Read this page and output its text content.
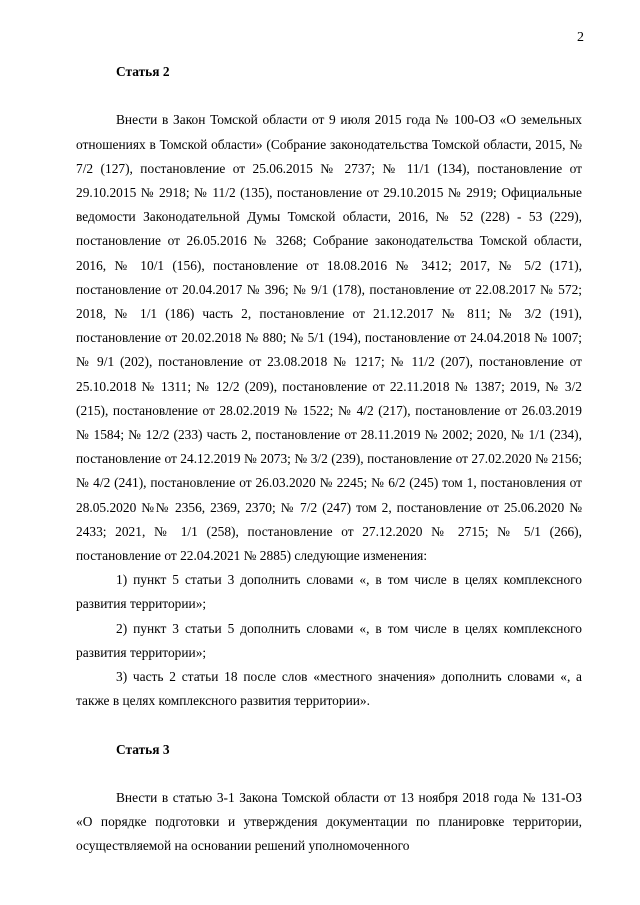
2

Статья 2

Внести в Закон Томской области от 9 июля 2015 года № 100-ОЗ «О земельных отношениях в Томской области» (Собрание законодательства Томской области, 2015, № 7/2 (127), постановление от 25.06.2015 № 2737; № 11/1 (134), постановление от 29.10.2015 № 2918; № 11/2 (135), постановление от 29.10.2015 № 2919; Официальные ведомости Законодательной Думы Томской области, 2016, № 52 (228) - 53 (229), постановление от 26.05.2016 № 3268; Собрание законодательства Томской области, 2016, № 10/1 (156), постановление от 18.08.2016 № 3412; 2017, № 5/2 (171), постановление от 20.04.2017 № 396; № 9/1 (178), постановление от 22.08.2017 № 572; 2018, № 1/1 (186) часть 2, постановление от 21.12.2017 № 811; № 3/2 (191), постановление от 20.02.2018 № 880; № 5/1 (194), постановление от 24.04.2018 № 1007; № 9/1 (202), постановление от 23.08.2018 № 1217; № 11/2 (207), постановление от 25.10.2018 № 1311; № 12/2 (209), постановление от 22.11.2018 № 1387; 2019, № 3/2 (215), постановление от 28.02.2019 № 1522; № 4/2 (217), постановление от 26.03.2019 № 1584; № 12/2 (233) часть 2, постановление от 28.11.2019 № 2002; 2020, № 1/1 (234), постановление от 24.12.2019 № 2073; № 3/2 (239), постановление от 27.02.2020 № 2156; № 4/2 (241), постановление от 26.03.2020 № 2245; № 6/2 (245) том 1, постановления от 28.05.2020 №№ 2356, 2369, 2370; № 7/2 (247) том 2, постановление от 25.06.2020 № 2433; 2021, № 1/1 (258), постановление от 27.12.2020 № 2715; № 5/1 (266), постановление от 22.04.2021 № 2885) следующие изменения:

1) пункт 5 статьи 3 дополнить словами «, в том числе в целях комплексного развития территории»;

2) пункт 3 статьи 5 дополнить словами «, в том числе в целях комплексного развития территории»;

3) часть 2 статьи 18 после слов «местного значения» дополнить словами «, а также в целях комплексного развития территории».

Статья 3

Внести в статью 3-1 Закона Томской области от 13 ноября 2018 года № 131-ОЗ «О порядке подготовки и утверждения документации по планировке территории, осуществляемой на основании решений уполномоченного
